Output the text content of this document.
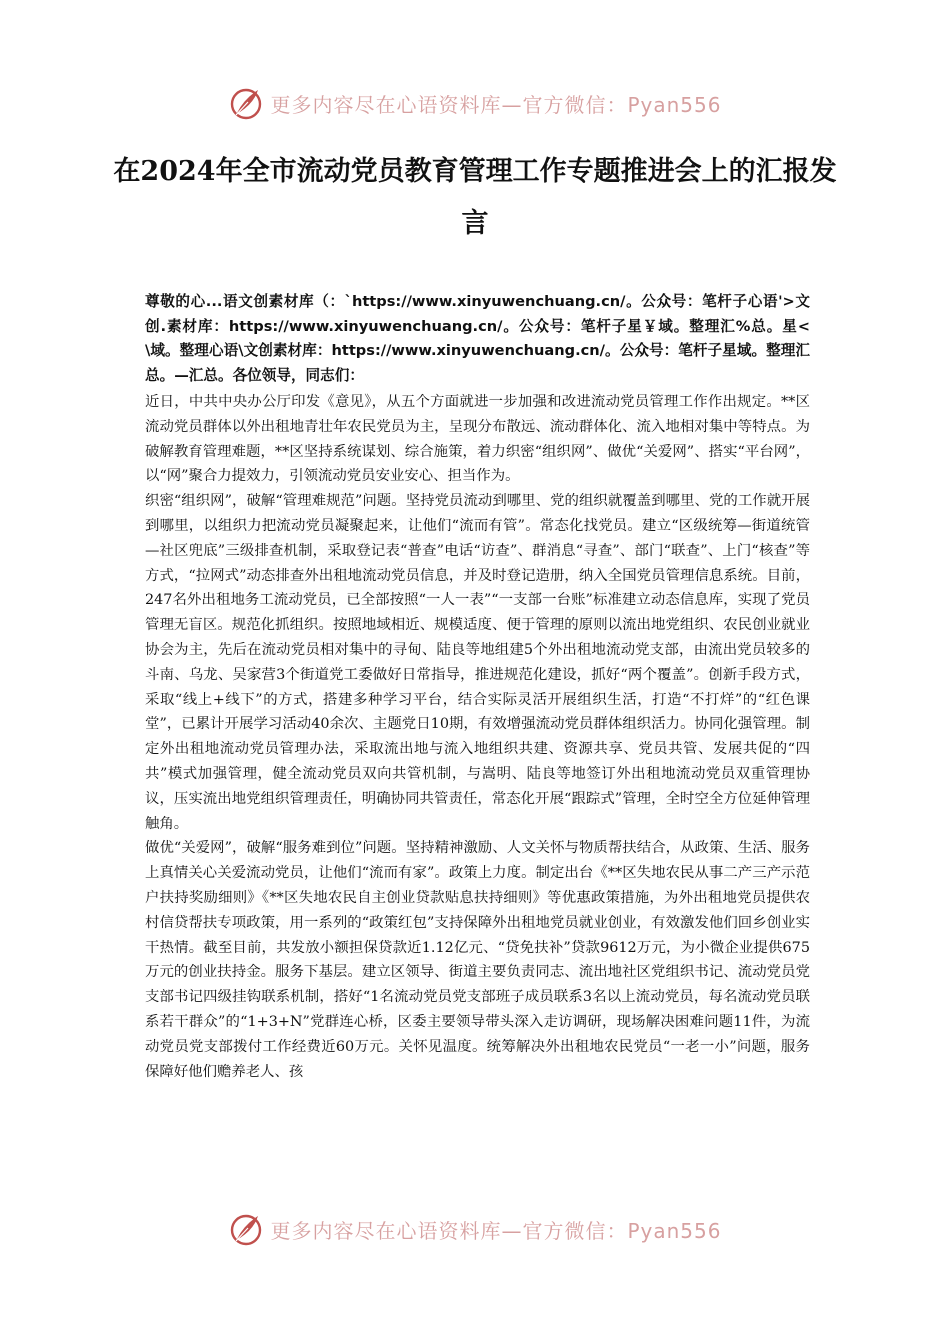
更多内容尽在心语资料库—官方微信：Pyan556
在2024年全市流动党员教育管理工作专题推进会上的汇报发言

尊敬的心...语文创素材库（：`https://www.xinyuwenchuang.cn/。公众号：笔杆子心语'>文创.素材库：https://www.xinyuwenchuang.cn/。公众号：笔杆子星￥域。整理汇%总。星<\域。整理心语\文创素材库：https://www.xinyuwenchuang.cn/。公众号：笔杆子星域。整理汇总。—汇总。各位领导，同志们：

近日，中共中央办公厅印发《意见》，从五个方面就进一步加强和改进流动党员管理工作作出规定。**区流动党员群体以外出租地青壮年农民党员为主，呈现分布散远、流动群体化、流入地相对集中等特点。为破解教育管理难题，**区坚持系统谋划、综合施策，着力织密“组织网”、做优“关爱网”、搭实“平台网”，以“网”聚合力提效力，引领流动党员安业安心、担当作为。

织密“组织网”，破解“管理难规范”问题。坚持党员流动到哪里、党的组织就覆盖到哪里、党的工作就开展到哪里，以组织力把流动党员凝聚起来，让他们“流而有管”。常态化找党员。建立“区级统筹—街道统管—社区兜底”三级排查机制，采取登记表“普查”电话“访查”、群消息“寻查”、部门“联查”、上门“核查”等方式，“拉网式”动态排查外出租地流动党员信息，并及时登记造册，纳入全国党员管理信息系统。目前，247名外出租地务工流动党员，已全部按照“一人一表”“一支部一台账”标准建立动态信息库，实现了党员管理无盲区。规范化抓组织。按照地域相近、规模适度、便于管理的原则以流出地党组织、农民创业就业协会为主，先后在流动党员相对集中的寻甸、陆良等地组建5个外出租地流动党支部，由流出党员较多的斗南、乌龙、吴家营3个街道党工委做好日常指导，推进规范化建设，抓好“两个覆盖”。创新手段方式，采取“线上+线下”的方式，搭建多种学习平台，结合实际灵活开展组织生活，打造“不打烊”的“红色课堂”，已累计开展学习活动40余次、主题党日10期，有效增强流动党员群体组织活力。协同化强管理。制定外出租地流动党员管理办法，采取流出地与流入地组织共建、资源共享、党员共管、发展共促的“四共”模式加强管理，健全流动党员双向共管机制，与嵩明、陆良等地签订外出租地流动党员双重管理协议，压实流出地党组织管理责任，明确协同共管责任，常态化开展“跟踪式”管理，全时空全方位延伸管理触角。

做优“关爱网”，破解“服务难到位”问题。坚持精神激励、人文关怀与物质帮扶结合，从政策、生活、服务上真情关心关爱流动党员，让他们“流而有家”。政策上力度。制定出台《**区失地农民从事二产三产示范户扶持奖励细则》《**区失地农民自主创业贷款贴息扶持细则》等优惠政策措施，为外出租地党员提供农村信贷帮扶专项政策，用一系列的“政策红包”支持保障外出租地党员就业创业，有效激发他们回乡创业实干热情。截至目前，共发放小额担保贷款近1.12亿元、“贷免扶补”贷款9612万元，为小微企业提供675万元的创业扶持金。服务下基层。建立区领导、街道主要负责同志、流出地社区党组织书记、流动党员党支部书记四级挂钩联系机制，搭好“1名流动党员党支部班子成员联系3名以上流动党员，每名流动党员联系若干群众”的“1+3+N”党群连心桥，区委主要领导带头深入走访调研，现场解决困难问题11件，为流动党员党支部拨付工作经费近60万元。关怀见温度。统筹解决外出租地农民党员“一老一小”问题，服务保障好他们赡养老人、孩

更多内容尽在心语资料库—官方微信：Pyan556
